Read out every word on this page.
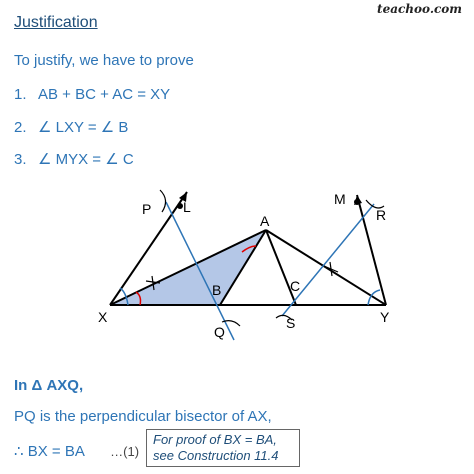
teachoo.com
Justification
To justify, we have to prove
1. AB + BC + AC = XY
2. ∠ LXY = ∠ B
3. ∠ MYX = ∠ C
P L	M
R
A
B	C
X	Y
Q
S
In Δ AXQ,
PQ is the perpendicular bisector of AX,
∴ BX = BA …(1)
For proof of BX = BA,
see Construction 11.4
